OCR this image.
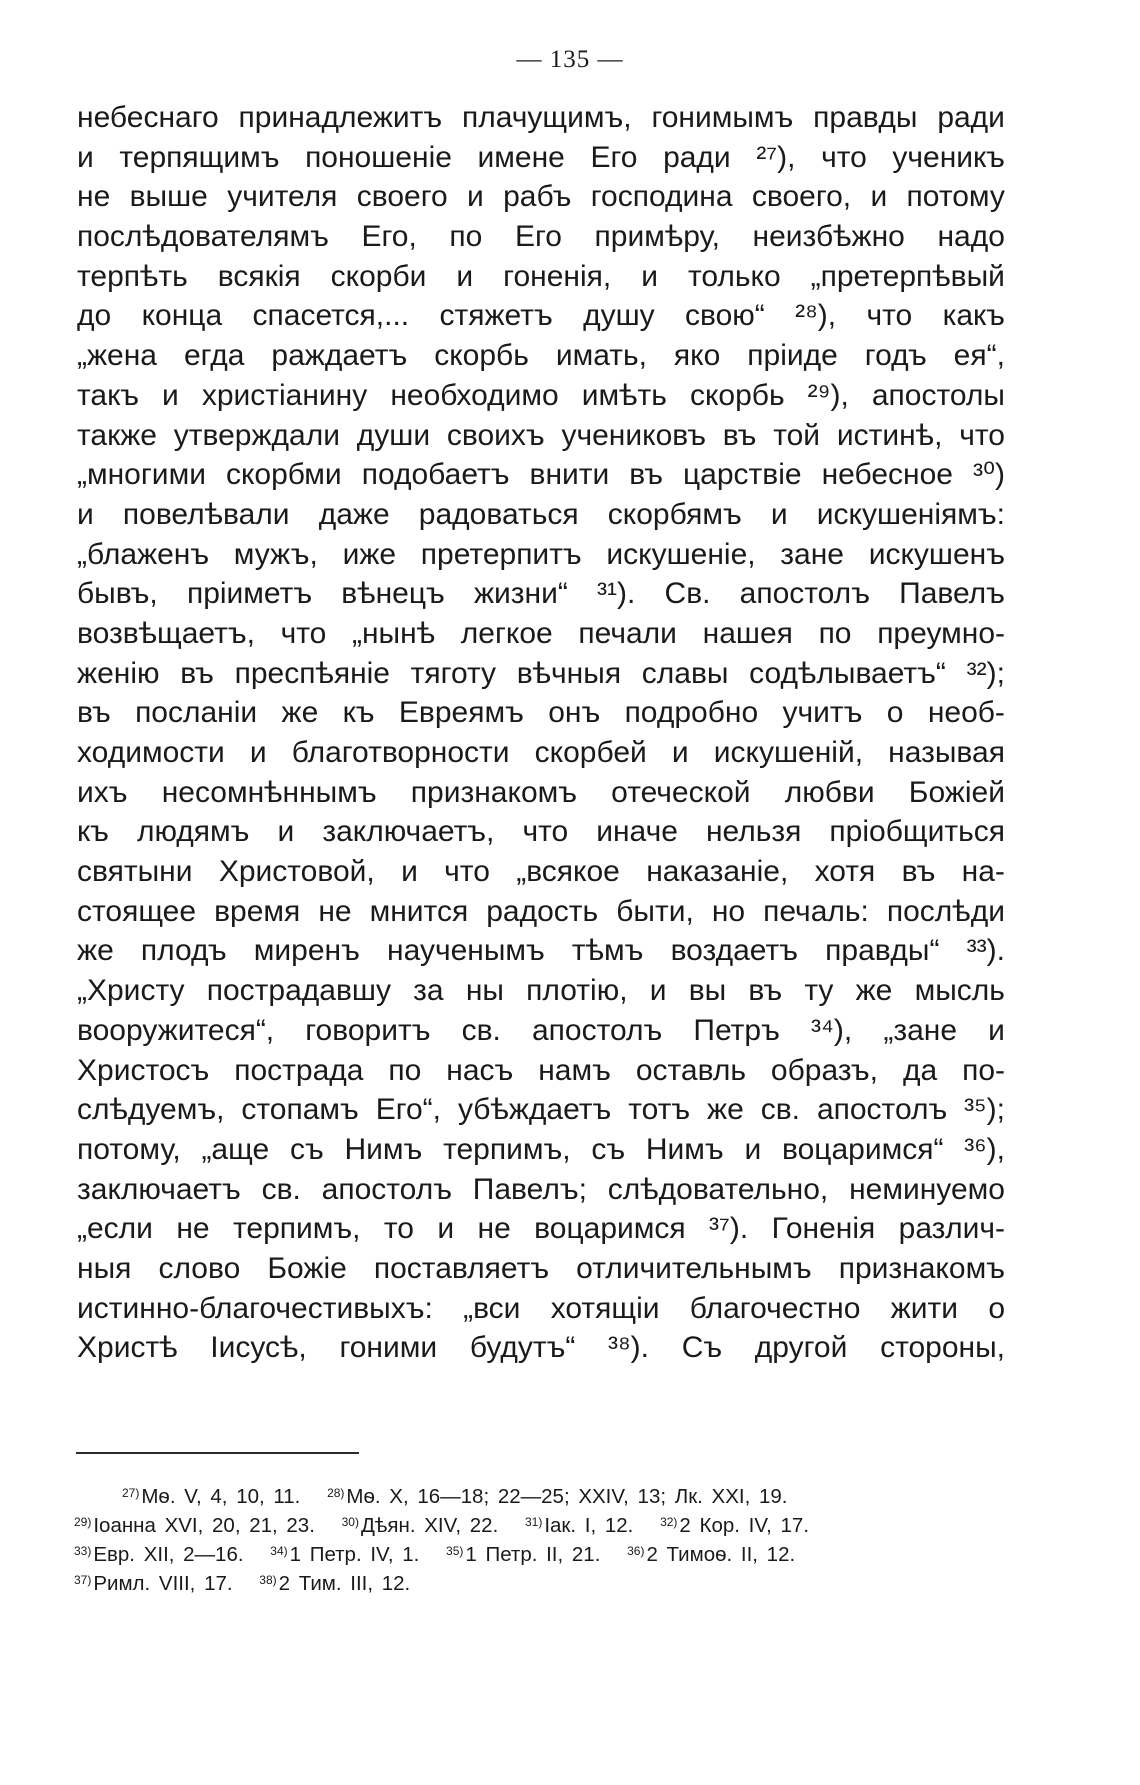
— 135 —
небеснаго принадлежитъ плачущимъ, гонимымъ правды ради
и терпящимъ поношеніе имене Его ради ²⁷), что ученикъ
не выше учителя своего и рабъ господина своего, и потому
послѣдователямъ Его, по Его примѣру, неизбѣжно надо
терпѣть всякія скорби и гоненія, и только „претерпѣвый
до конца спасется,... стяжетъ душу свою“ ²⁸), что какъ
„жена егда раждаетъ скорбь имать, яко пріиде годъ ея“,
такъ и христіанину необходимо имѣть скорбь ²⁹), апостолы
также утверждали души своихъ учениковъ въ той истинѣ, что
„многими скорбми подобаетъ внити въ царствіе небесное ³⁰)
и повелѣвали даже радоваться скорбямъ и искушеніямъ:
„блаженъ мужъ, иже претерпитъ искушеніе, зане искушенъ
бывъ, пріиметъ вѣнецъ жизни“ ³¹). Св. апостолъ Павелъ
возвѣщаетъ, что „нынѣ легкое печали нашея по преумно-
женію въ преспѣяніе тяготу вѣчныя славы содѣлываетъ“ ³²);
въ посланіи же къ Евреямъ онъ подробно учитъ о необ-
ходимости и благотворности скорбей и искушеній, называя
ихъ несомнѣннымъ признакомъ отеческой любви Божіей
къ людямъ и заключаетъ, что иначе нельзя пріобщиться
святыни Христовой, и что „всякое наказаніе, хотя въ на-
стоящее время не мнится радость быти, но печаль: послѣди
же плодъ миренъ наученымъ тѣмъ воздаетъ правды“ ³³).
„Христу пострадавшу за ны плотію, и вы въ ту же мысль
вооружитеся“, говоритъ св. апостолъ Петръ ³⁴), „зане и
Христосъ пострада по насъ намъ оставль образъ, да по-
слѣдуемъ, стопамъ Его“, убѣждаетъ тотъ же св. апостолъ ³⁵);
потому, „аще съ Нимъ терпимъ, съ Нимъ и воцаримся“ ³⁶),
заключаетъ св. апостолъ Павелъ; слѣдовательно, неминуемо
„если не терпимъ, то и не воцаримся ³⁷). Гоненія различ-
ныя слово Божіе поставляетъ отличительнымъ признакомъ
истинно-благочестивыхъ: „вси хотящіи благочестно жити о
Христѣ Іисусѣ, гоними будутъ“ ³⁸). Съ другой стороны,
$^{27)}$Мѳ. V, 4, 10, 11. $^{28)}$Мѳ. X, 16—18; 22—25; XXIV, 13; Лк. XXI, 19.
$^{29)}$Іоанна XVI, 20, 21, 23. $^{30)}$Дѣян. XIV, 22. $^{31)}$Іак. I, 12. $^{32)}$2 Кор. IV, 17.
$^{33)}$Евр. XII, 2—16. $^{34)}$1 Петр. IV, 1. $^{35)}$1 Петр. II, 21. $^{36)}$2 Тимоѳ. II, 12.
$^{37)}$Римл. VIII, 17. $^{38)}$2 Тим. III, 12.
